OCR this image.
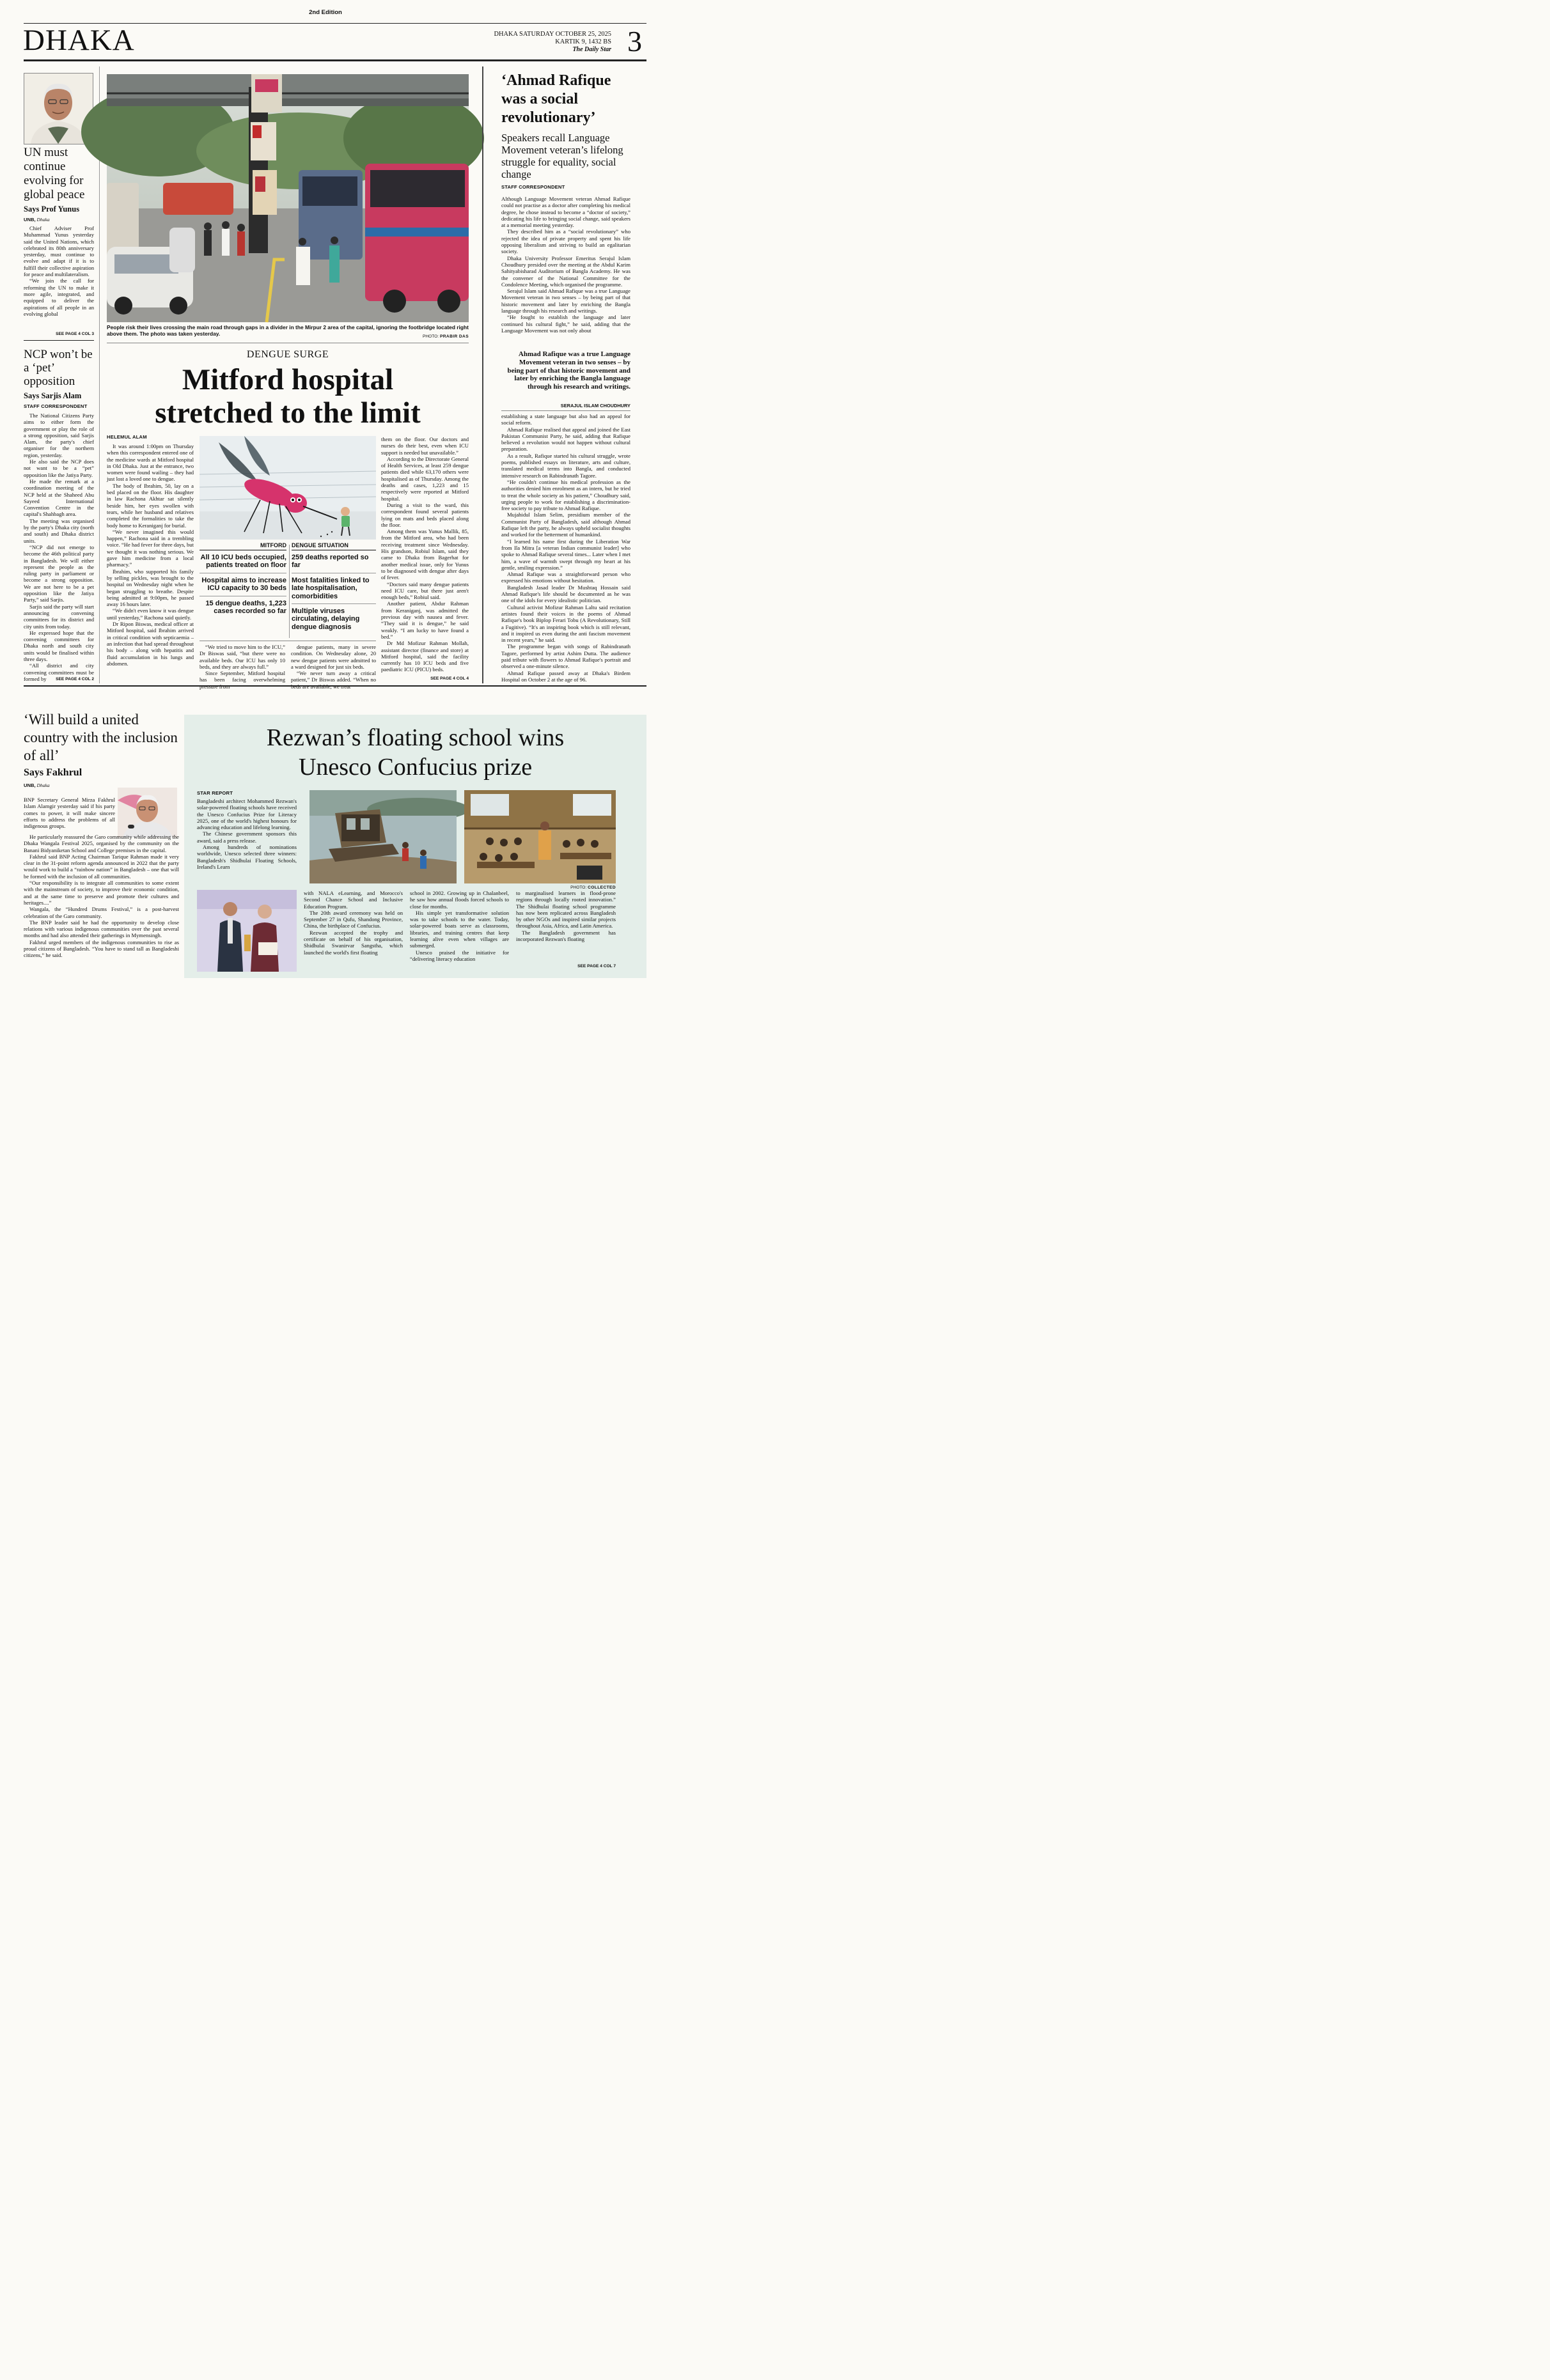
2nd Edition
DHAKA	DHAKA SATURDAY OCTOBER 25, 2025
KARTIK 9, 1432 BS
The Daily Star 3
UN must continue evolving for global peace
Says Prof Yunus
UNB, Dhaka

Chief Adviser Prof Muhammad Yunus yesterday said the United Nations, which celebrated its 80th anniversary yesterday, must continue to evolve and adapt if it is to fulfill their collective aspiration for peace and multilateralism.

“We join the call for reforming the UN to make it more agile, integrated, and equipped to deliver the aspirations of all people in an evolving global

SEE PAGE 4 COL 3
NCP won’t be a ‘pet’ opposition
Says Sarjis Alam
STAFF CORRESPONDENT

The National Citizens Party aims to either form the government or play the role of a strong opposition, said Sarjis Alam, the party's chief organiser for the northern region, yesterday.

He also said the NCP does not want to be a “pet” opposition like the Jatiya Party.

He made the remark at a coordination meeting of the NCP held at the Shaheed Abu Sayeed International Convention Centre in the capital's Shahbagh area.

The meeting was organised by the party's Dhaka city (north and south) and Dhaka district units.

“NCP did not emerge to become the 46th political party in Bangladesh. We will either represent the people as the ruling party in parliament or become a strong opposition. We are not here to be a pet opposition like the Jatiya Party,” said Sarjis.

Sarjis said the party will start announcing convening committees for its district and city units from today.

He expressed hope that the convening committees for Dhaka north and south city units would be finalised within three days.

“All district and city convening committees must be formed by	SEE PAGE 4 COL 2
People risk their lives crossing the main road through gaps in a divider in the Mirpur 2 area of the capital, ignoring the footbridge located right above them. The photo was taken yesterday.	PHOTO: PRABIR DAS
DENGUE SURGE
Mitford hospital
stretched to the limit
HELEMUL ALAM

It was around 1:00pm on Thursday when this correspondent entered one of the medicine wards at Mitford hospital in Old Dhaka. Just at the entrance, two women were found wailing – they had just lost a loved one to dengue.

The body of Ibrahim, 50, lay on a bed placed on the floor. His daughter in law Rachona Akhtar sat silently beside him, her eyes swollen with tears, while her husband and relatives completed the formalities to take the body home to Keraniganj for burial.

“We never imagined this would happen,” Rachona said in a trembling voice. “He had fever for three days, but we thought it was nothing serious. We gave him medicine from a local pharmacy.”

Ibrahim, who supported his family by selling pickles, was brought to the hospital on Wednesday night when he began struggling to breathe. Despite being admitted at 9:00pm, he passed away 16 hours later.

“We didn't even know it was dengue until yesterday,” Rachona said quietly.

Dr Ripon Biswas, medical officer at Mitford hospital, said Ibrahim arrived in critical condition with septicaemia – an infection that had spread throughout his body – along with hepatitis and fluid accumulation in his lungs and abdomen.

MITFORD
All 10 ICU beds occupied, patients treated on floor
Hospital aims to increase ICU capacity to 30 beds
15 dengue deaths, 1,223 cases recorded so far
DENGUE SITUATION
259 deaths reported so far
Most fatalities linked to late hospitalisation, comorbidities
Multiple viruses circulating, delaying dengue diagnosis

“We tried to move him to the ICU,” Dr Biswas said, “but there were no available beds. Our ICU has only 10 beds, and they are always full.”

Since September, Mitford hospital has been facing overwhelming

dengue patients, many in severe condition. On Wednesday alone, 20 new dengue patients were admitted to a ward designed for just six beds.

“We never turn away a critical patient,” Dr Biswas added. “When no

them on the floor. Our doctors and nurses do their best, even when ICU support is needed but unavailable.”

According to the Directorate General of Health Services, at least 259 dengue patients died while 63,170 others were hospitalised as of Thursday. Among the deaths and cases, 1,223 and 15 respectively were reported at Mitford hospital.

During a visit to the ward, this correspondent found several patients lying on mats and beds placed along the floor.

Among them was Yunus Mallik, 85, from the Mitford area, who had been receiving treatment since Wednesday. His grandson, Robiul Islam, said they came to Dhaka from Bagerhat for another medical issue, only for Yunus to be diagnosed with dengue after days of fever.

“Doctors said many dengue patients need ICU care, but there just aren't enough beds,” Robiul said.

Another patient, Abdur Rahman from Keraniganj, was admitted the previous day with nausea and fever. “They said it is dengue,” he said weakly. “I am lucky to have found a bed.”

Dr Md Mofizur Rahman Mollah, assistant director (finance and store) at Mitford hospital, said the facility currently has 10 ICU beds and five paediatric ICU (PICU) beds.

SEE PAGE 4 COL 4
‘Ahmad Rafique was a social revolutionary’
Speakers recall Language Movement veteran’s lifelong struggle for equality, social change
STAFF CORRESPONDENT

Although Language Movement veteran Ahmad Rafique could not practise as a doctor after completing his medical degree, he chose instead to become a “doctor of society,” dedicating his life to bringing social change, said speakers at a memorial meeting yesterday.

They described him as a “social revolutionary” who rejected the idea of private property and spent his life opposing liberalism and striving to build an egalitarian society.

Dhaka University Professor Emeritus Serajul Islam Choudhury presided over the meeting at the Abdul Karim Sahityabisharad Auditorium of Bangla Academy. He was the convener of the National Committee for the Condolence Meeting, which organised the programme.

Serajul Islam said Ahmad Rafique was a true Language Movement veteran in two senses – by being part of that historic movement and later by enriching the Bangla language through his research and writings.

“He fought to establish the language and later continued his cultural fight,” he said, adding that the Language Movement was not only about

Ahmad Rafique was a true Language Movement veteran in two senses – by being part of that historic movement and later by enriching the Bangla language through his research and writings.
SERAJUL ISLAM CHOUDHURY

establishing a state language but also had an appeal for social reform.

Ahmad Rafique realised that appeal and joined the East Pakistan Communist Party, he said, adding that Rafique believed a revolution would not happen without cultural preparation.

As a result, Rafique started his cultural struggle, wrote poems, published essays on literature, arts and culture, translated medical terms into Bangla, and conducted intensive research on Rabindranath Tagore.

“He couldn't continue his medical profession as the authorities denied him enrolment as an intern, but he tried to treat the whole society as his patient,” Choudhury said, urging people to work for establishing a discrimination-free society to pay tribute to Ahmad Rafique.

Mujahidul Islam Selim, presidium member of the Communist Party of Bangladesh, said although Ahmad Rafique left the party, he always upheld socialist thoughts and worked for the betterment of humankind.

“I learned his name first during the Liberation War from Ila Mitra [a veteran Indian communist leader] who spoke to Ahmad Rafique several times... Later when I met him, a wave of warmth swept through my heart at his gentle, smiling expression.”

Ahmad Rafique was a straightforward person who expressed his emotions without hesitation.

Bangladesh Jasad leader Dr Mushtaq Hossain said Ahmad Rafique's life should be documented as he was one of the idols for every idealistic politician.

Cultural activist Mofizur Rahman Laltu said recitation artistes found their voices in the poems of Ahmad Rafique's book Biplop Ferari Tobu (A Revolutionary, Still a Fugitive). “It's an inspiring book which is still relevant, and it inspired us even during the anti fascism movement in recent years,” he said.

The programme began with songs of Rabindranath Tagore, performed by artist Ashim Dutta. The audience paid tribute with flowers to Ahmad Rafique's portrait and observed a one-minute silence.

Ahmad Rafique passed away at Dhaka's Birdem Hospital on October 2 at the age of 96.

‘Will build a united country with the inclusion of all’
Says Fakhrul
UNB, Dhaka

BNP Secretary General Mirza Fakhrul Islam Alamgir yesterday said if his party comes to power, it will make sincere efforts to address the problems of all indigenous groups.

He particularly reassured the Garo community while addressing the Dhaka Wangala Festival 2025, organised by the community on the Banani Bidyaniketan School and College premises in the capital.

Fakhrul said BNP Acting Chairman Tarique Rahman made it very clear in the 31-point reform agenda announced in 2022 that the party would work to build a “rainbow nation” in Bangladesh – one that will be formed with the inclusion of all communities.

“Our responsibility is to integrate all communities to some extent with the mainstream of society, to improve their economic condition, and at the same time to preserve and promote their cultures and heritages....”

Wangala, the “Hundred Drums Festival,” is a post-harvest celebration of the Garo community.

The BNP leader said he had the opportunity to develop close relations with various indigenous communities over the past several months and had also attended their gatherings in Mymensingh.

Fakhrul urged members of the indigenous communities to rise as proud citizens of Bangladesh. “You have to stand tall as Bangladeshi citizens,” he said.

Rezwan’s floating school wins
Unesco Confucius prize
STAR REPORT

Bangladeshi architect Mohammed Rezwan's solar-powered floating schools have received the Unesco Confucius Prize for Literacy 2025, one of the world's highest honours for advancing education and lifelong learning.

The Chinese government sponsors this award, said a press release.

Among hundreds of nominations worldwide, Unesco selected three winners: Bangladesh's Shidhulai Floating Schools, Ireland's Learn

PHOTO: COLLECTED

with NALA eLearning, and Morocco's Second Chance School and Inclusive Education Program.

The 20th award ceremony was held on September 27 in Qufu, Shandong Province, China, the birthplace of Confucius.

Rezwan accepted the trophy and certificate on behalf of his organisation, Shidhulai Swanirvar Sangstha, which launched the world's first floating

school in 2002. Growing up in Chalanbeel, he saw how annual floods forced schools to close for months.

His simple yet transformative solution was to take schools to the water. Today, solar-powered boats serve as classrooms, libraries, and training centres that keep learning alive even when villages are submerged.

Unesco praised the initiative for “delivering literacy education

to marginalised learners in flood-prone regions through locally rooted innovation.” The Shidhulai floating school programme has now been replicated across Bangladesh by other NGOs and inspired similar projects throughout Asia, Africa, and Latin America.

The Bangladesh government has incorporated Rezwan's floating

SEE PAGE 4 COL 7
